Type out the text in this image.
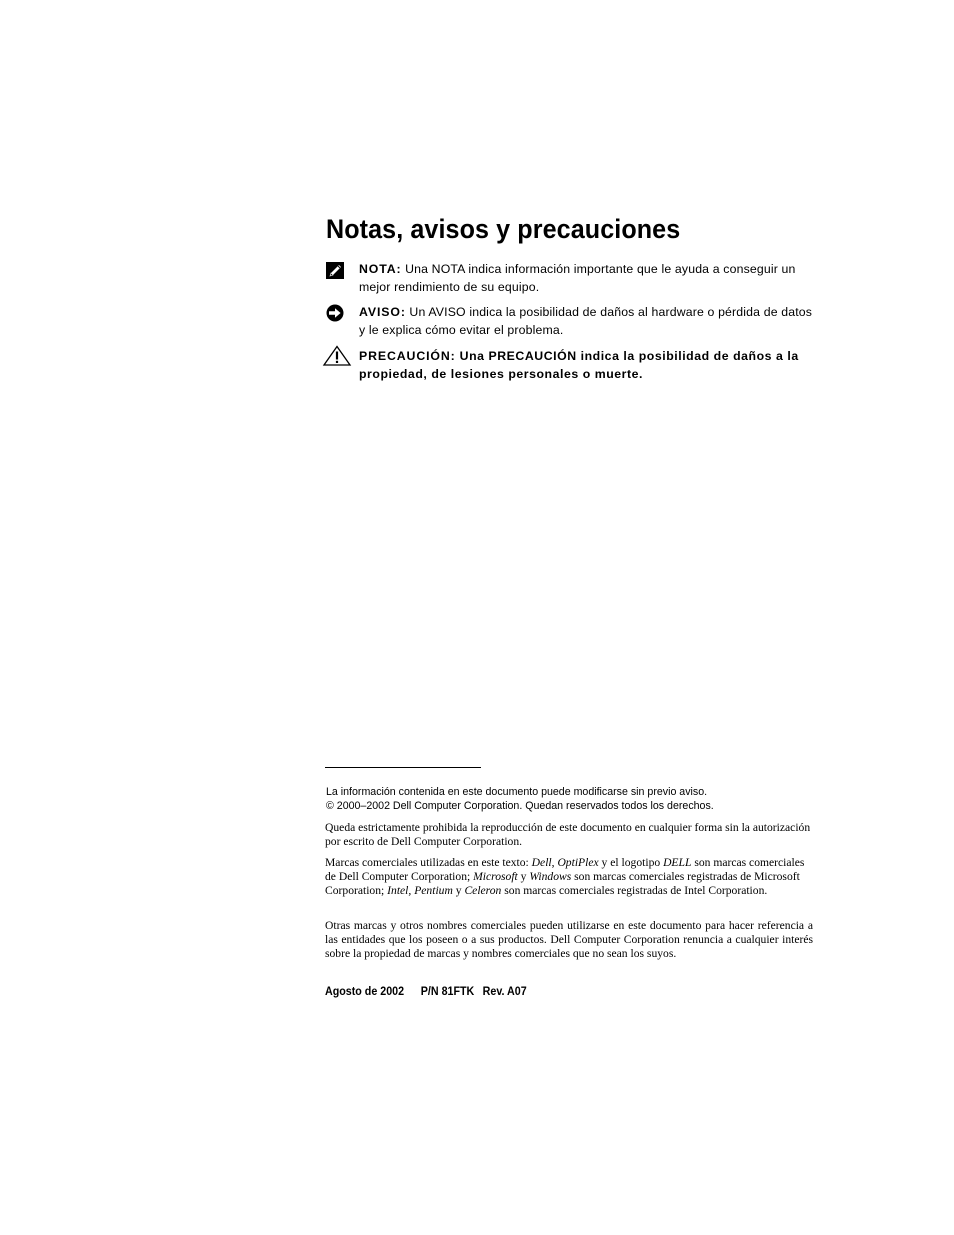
Notas, avisos y precauciones
NOTA: Una NOTA indica información importante que le ayuda a conseguir un mejor rendimiento de su equipo.
AVISO: Un AVISO indica la posibilidad de daños al hardware o pérdida de datos y le explica cómo evitar el problema.
PRECAUCIÓN: Una PRECAUCIÓN indica la posibilidad de daños a la propiedad, de lesiones personales o muerte.
La información contenida en este documento puede modificarse sin previo aviso.
© 2000–2002 Dell Computer Corporation. Quedan reservados todos los derechos.

Queda estrictamente prohibida la reproducción de este documento en cualquier forma sin la autorización por escrito de Dell Computer Corporation.

Marcas comerciales utilizadas en este texto: Dell, OptiPlex y el logotipo DELL son marcas comerciales de Dell Computer Corporation; Microsoft y Windows son marcas comerciales registradas de Microsoft Corporation; Intel, Pentium y Celeron son marcas comerciales registradas de Intel Corporation.

Otras marcas y otros nombres comerciales pueden utilizarse en este documento para hacer referencia a las entidades que los poseen o a sus productos. Dell Computer Corporation renuncia a cualquier interés sobre la propiedad de marcas y nombres comerciales que no sean los suyos.

Agosto de 2002 P/N 81FTK Rev. A07
